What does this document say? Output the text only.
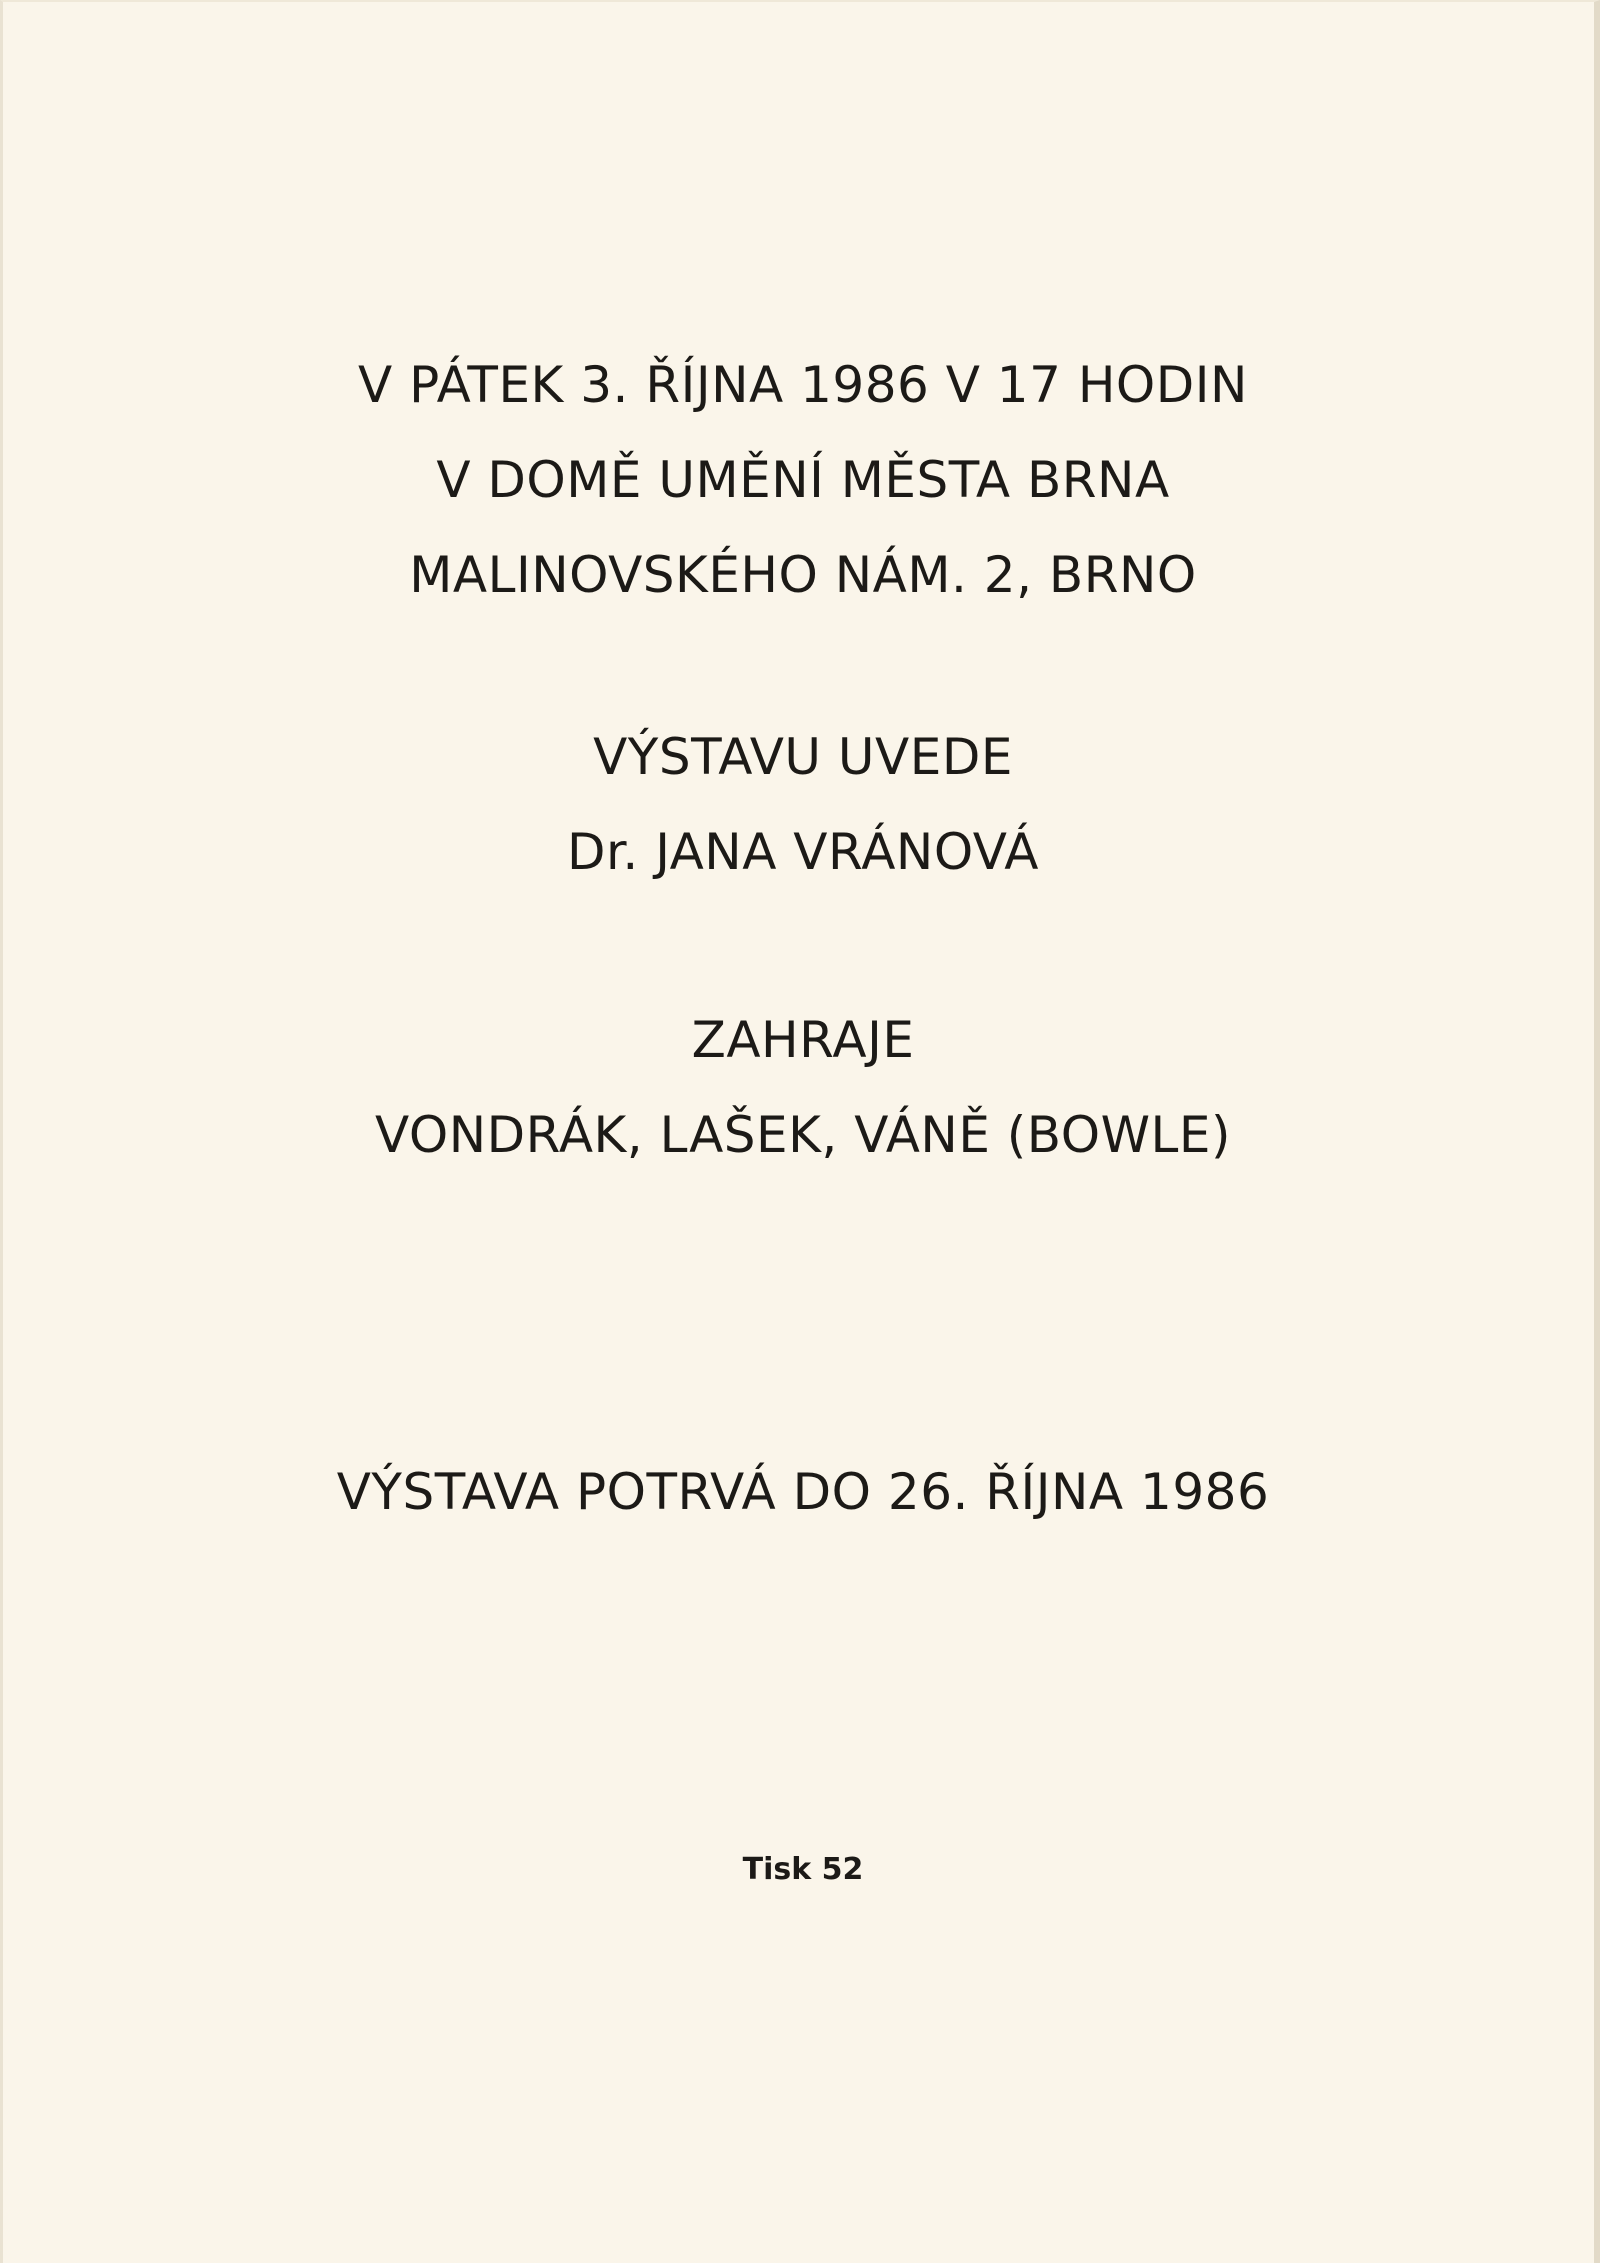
V PÁTEK 3. ŘÍJNA 1986 V 17 HODIN
V DOMĚ UMĚNÍ MĚSTA BRNA
MALINOVSKÉHO NÁM. 2, BRNO
VÝSTAVU UVEDE
Dr. JANA VRÁNOVÁ
ZAHRAJE
VONDRÁK, LAŠEK, VÁNĚ (BOWLE)
VÝSTAVA POTRVÁ DO 26. ŘÍJNA 1986
Tisk 52
